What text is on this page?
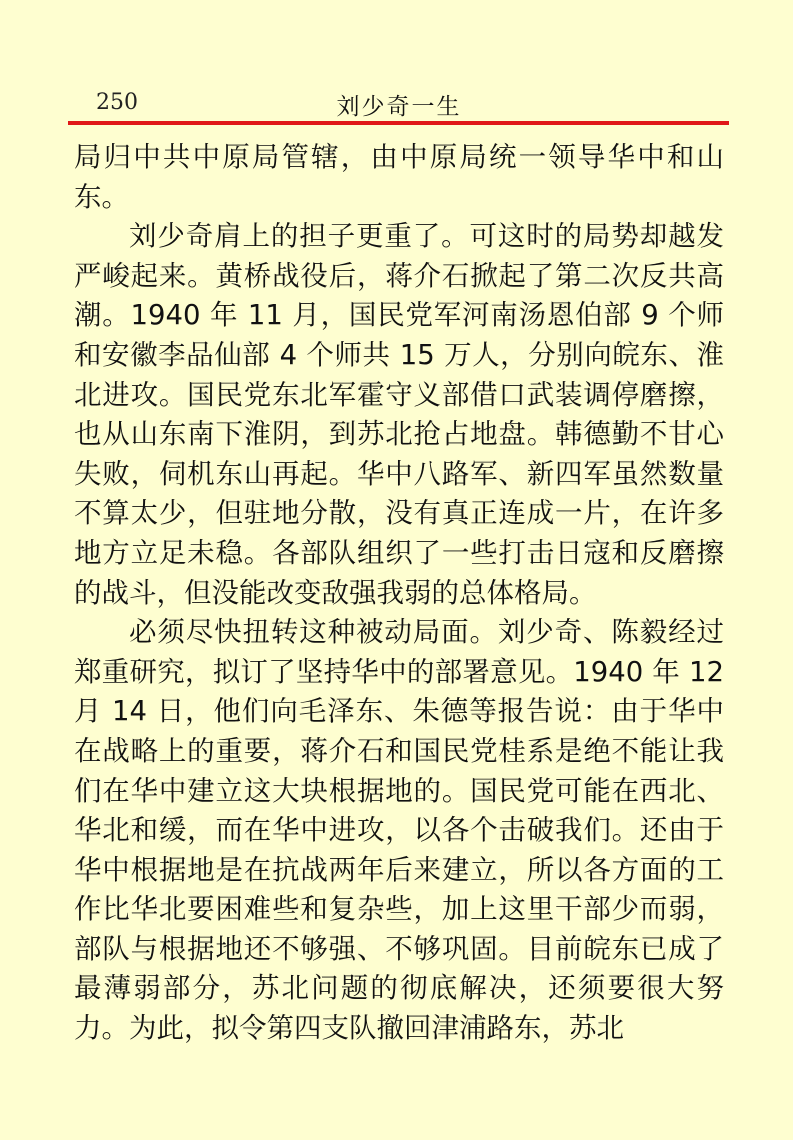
250	刘少奇一生

局归中共中原局管辖，由中原局统一领导华中和山东。

刘少奇肩上的担子更重了。可这时的局势却越发严峻起来。黄桥战役后，蒋介石掀起了第二次反共高潮。1940 年 11 月，国民党军河南汤恩伯部 9 个师和安徽李品仙部 4 个师共 15 万人，分别向皖东、淮北进攻。国民党东北军霍守义部借口武装调停磨擦，也从山东南下淮阴，到苏北抢占地盘。韩德勤不甘心失败，伺机东山再起。华中八路军、新四军虽然数量不算太少，但驻地分散，没有真正连成一片，在许多地方立足未稳。各部队组织了一些打击日寇和反磨擦的战斗，但没能改变敌强我弱的总体格局。

必须尽快扭转这种被动局面。刘少奇、陈毅经过郑重研究，拟订了坚持华中的部署意见。1940 年 12 月 14 日，他们向毛泽东、朱德等报告说：由于华中在战略上的重要，蒋介石和国民党桂系是绝不能让我们在华中建立这大块根据地的。国民党可能在西北、华北和缓，而在华中进攻，以各个击破我们。还由于华中根据地是在抗战两年后来建立，所以各方面的工作比华北要困难些和复杂些，加上这里干部少而弱，部队与根据地还不够强、不够巩固。目前皖东已成了最薄弱部分，苏北问题的彻底解决，还须要很大努力。为此，拟令第四支队撤回津浦路东，苏北
